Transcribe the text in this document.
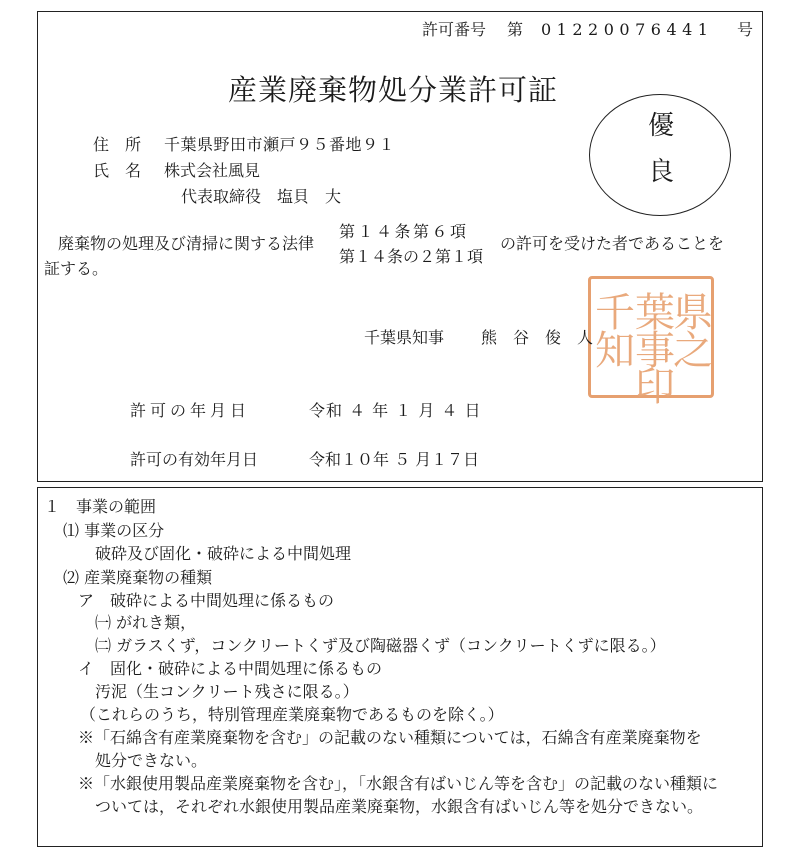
許可番号 第 01220076441 号
産業廃棄物処分業許可証
優
良
住　所 千葉県野田市瀬戸９５番地９１
氏　名 株式会社風見
代表取締役　塩貝　大
廃棄物の処理及び清掃に関する法律
第１４条第６項
第１４条の２第１項
の許可を受けた者であることを
証する。
千 葉
県
知 事
之
印
千葉県知事 熊　谷　俊　人
許可の年月日	令和 ４ 年 １ 月 ４ 日
許可の有効年月日	令和１０年 ５ 月１７日
１　事業の範囲
⑴ 事業の区分
破砕及び固化・破砕による中間処理
⑵ 産業廃棄物の種類
ア　破砕による中間処理に係るもの
㈠ がれき類，
㈡ ガラスくず，コンクリートくず及び陶磁器くず（コンクリートくずに限る。）
イ　固化・破砕による中間処理に係るもの
汚泥（生コンクリート残さに限る。）
（これらのうち，特別管理産業廃棄物であるものを除く。）
※「石綿含有産業廃棄物を含む」の記載のない種類については，石綿含有産業廃棄物を
処分できない。
※「水銀使用製品産業廃棄物を含む」，「水銀含有ばいじん等を含む」の記載のない種類に
ついては，それぞれ水銀使用製品産業廃棄物，水銀含有ばいじん等を処分できない。
